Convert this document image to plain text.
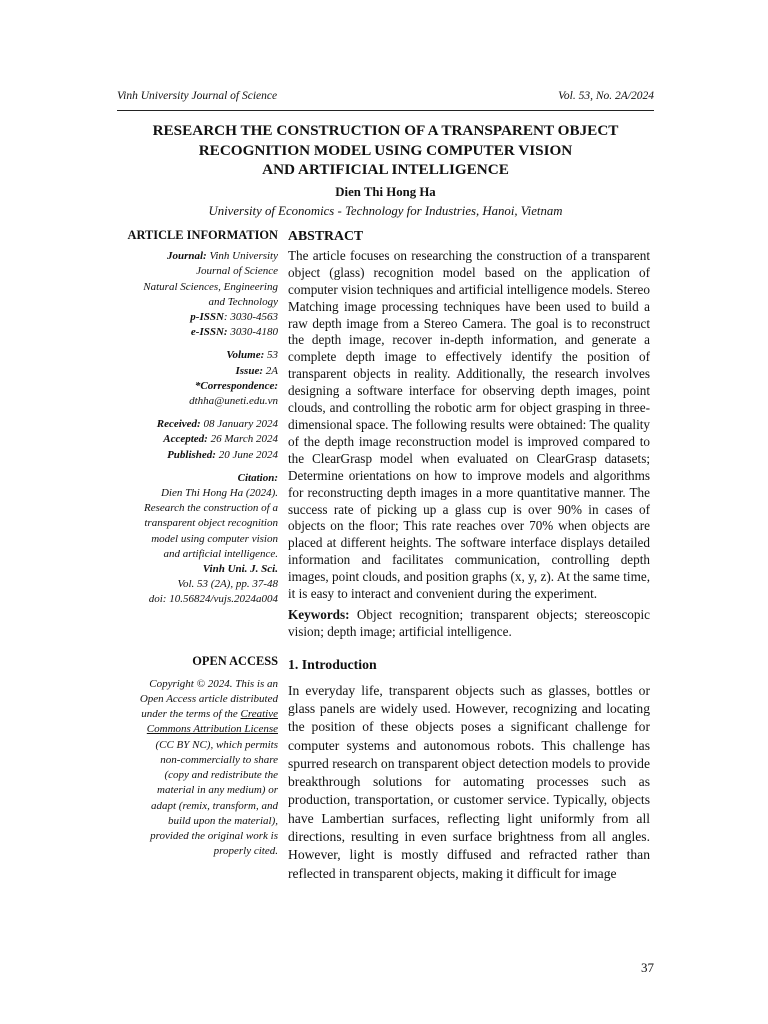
Vinh University Journal of Science	Vol. 53, No. 2A/2024
RESEARCH THE CONSTRUCTION OF A TRANSPARENT OBJECT
RECOGNITION MODEL USING COMPUTER VISION
AND ARTIFICIAL INTELLIGENCE
Dien Thi Hong Ha
University of Economics - Technology for Industries, Hanoi, Vietnam
ARTICLE INFORMATION

Journal: Vinh University

Journal of Science

Natural Sciences, Engineering

and Technology

p-ISSN: 3030-4563

e-ISSN: 3030-4180

Volume: 53

Issue: 2A

*Correspondence:

dthha@uneti.edu.vn

Received: 08 January 2024

Accepted: 26 March 2024

Published: 20 June 2024

Citation:

Dien Thi Hong Ha (2024).

Research the construction of a

transparent object recognition

model using computer vision

and artificial intelligence.

Vinh Uni. J. Sci.

Vol. 53 (2A), pp. 37-48

doi: 10.56824/vujs.2024a004

OPEN ACCESS

Copyright © 2024. This is an

Open Access article distributed

under the terms of the Creative

Commons Attribution License

(CC BY NC), which permits

non-commercially to share

(copy and redistribute the

material in any medium) or

adapt (remix, transform, and

build upon the material),

provided the original work is

properly cited.

ABSTRACT

The article focuses on researching the construction of a transparent object (glass) recognition model based on the application of computer vision techniques and artificial intelligence models. Stereo Matching image processing techniques have been used to build a raw depth image from a Stereo Camera. The goal is to reconstruct the depth image, recover in-depth information, and generate a complete depth image to effectively identify the position of transparent objects in reality. Additionally, the research involves designing a software interface for observing depth images, point clouds, and controlling the robotic arm for object grasping in three-dimensional space. The following results were obtained: The quality of the depth image reconstruction model is improved compared to the ClearGrasp model when evaluated on ClearGrasp datasets; Determine orientations on how to improve models and algorithms for reconstructing depth images in a more quantitative manner. The success rate of picking up a glass cup is over 90% in cases of objects on the floor; This rate reaches over 70% when objects are placed at different heights. The software interface displays detailed information and facilitates communication, controlling depth images, point clouds, and position graphs (x, y, z). At the same time, it is easy to interact and convenient during the experiment.

Keywords: Object recognition; transparent objects; stereoscopic vision; depth image; artificial intelligence.

1. Introduction

In everyday life, transparent objects such as glasses, bottles or glass panels are widely used. However, recognizing and locating the position of these objects poses a significant challenge for computer systems and autonomous robots. This challenge has spurred research on transparent object detection models to provide breakthrough solutions for automating processes such as production, transportation, or customer service. Typically, objects have Lambertian surfaces, reflecting light uniformly from all directions, resulting in even surface brightness from all angles. However, light is mostly diffused and refracted rather than reflected in transparent objects, making it difficult for image

37
